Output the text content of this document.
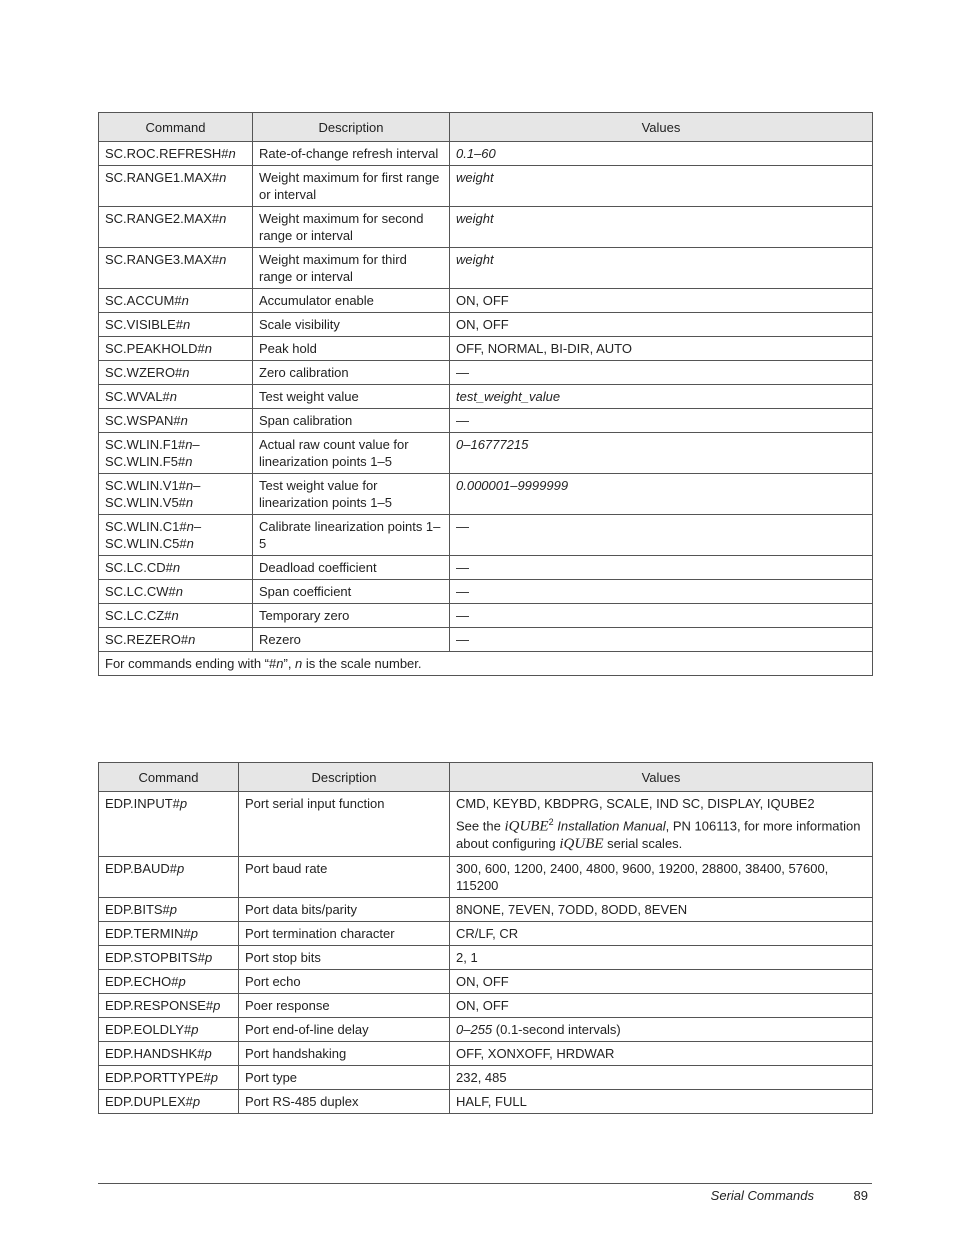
Command	Description	Values
SC.ROC.REFRESH#n	Rate-of-change refresh interval	0.1–60
SC.RANGE1.MAX#n	Weight maximum for first range or interval	weight
SC.RANGE2.MAX#n	Weight maximum for second range or interval	weight
SC.RANGE3.MAX#n	Weight maximum for third range or interval	weight
SC.ACCUM#n	Accumulator enable	ON, OFF
SC.VISIBLE#n	Scale visibility	ON, OFF
SC.PEAKHOLD#n	Peak hold	OFF, NORMAL, BI-DIR, AUTO
SC.WZERO#n	Zero calibration	—
SC.WVAL#n	Test weight value	test_weight_value
SC.WSPAN#n	Span calibration	—
SC.WLIN.F1#n–
SC.WLIN.F5#n	Actual raw count value for linearization points 1–5	0–16777215
SC.WLIN.V1#n–
SC.WLIN.V5#n	Test weight value for linearization points 1–5	0.000001–9999999
SC.WLIN.C1#n–
SC.WLIN.C5#n	Calibrate linearization points 1–5	—
SC.LC.CD#n	Deadload coefficient	—
SC.LC.CW#n	Span coefficient	—
SC.LC.CZ#n	Temporary zero	—
SC.REZERO#n	Rezero	—
For commands ending with “#n”, n is the scale number.		
Command	Description	Values
EDP.INPUT#p	Port serial input function	CMD, KEYBD, KBDPRG, SCALE, IND SC, DISPLAY, IQUBE2
See the iQUBE$^2$ Installation Manual, PN 106113, for more information about configuring iQUBE serial scales.

EDP.BAUD#p	Port baud rate	300, 600, 1200, 2400, 4800, 9600, 19200, 28800, 38400, 57600, 115200
EDP.BITS#p	Port data bits/parity	8NONE, 7EVEN, 7ODD, 8ODD, 8EVEN
EDP.TERMIN#p	Port termination character	CR/LF, CR
EDP.STOPBITS#p	Port stop bits	2, 1
EDP.ECHO#p	Port echo	ON, OFF
EDP.RESPONSE#p	Poer response	ON, OFF
EDP.EOLDLY#p	Port end-of-line delay	0–255 (0.1-second intervals)
EDP.HANDSHK#p	Port handshaking	OFF, XONXOFF, HRDWAR
EDP.PORTTYPE#p	Port type	232, 485
EDP.DUPLEX#p	Port RS-485 duplex	HALF, FULL
Serial Commands	89
